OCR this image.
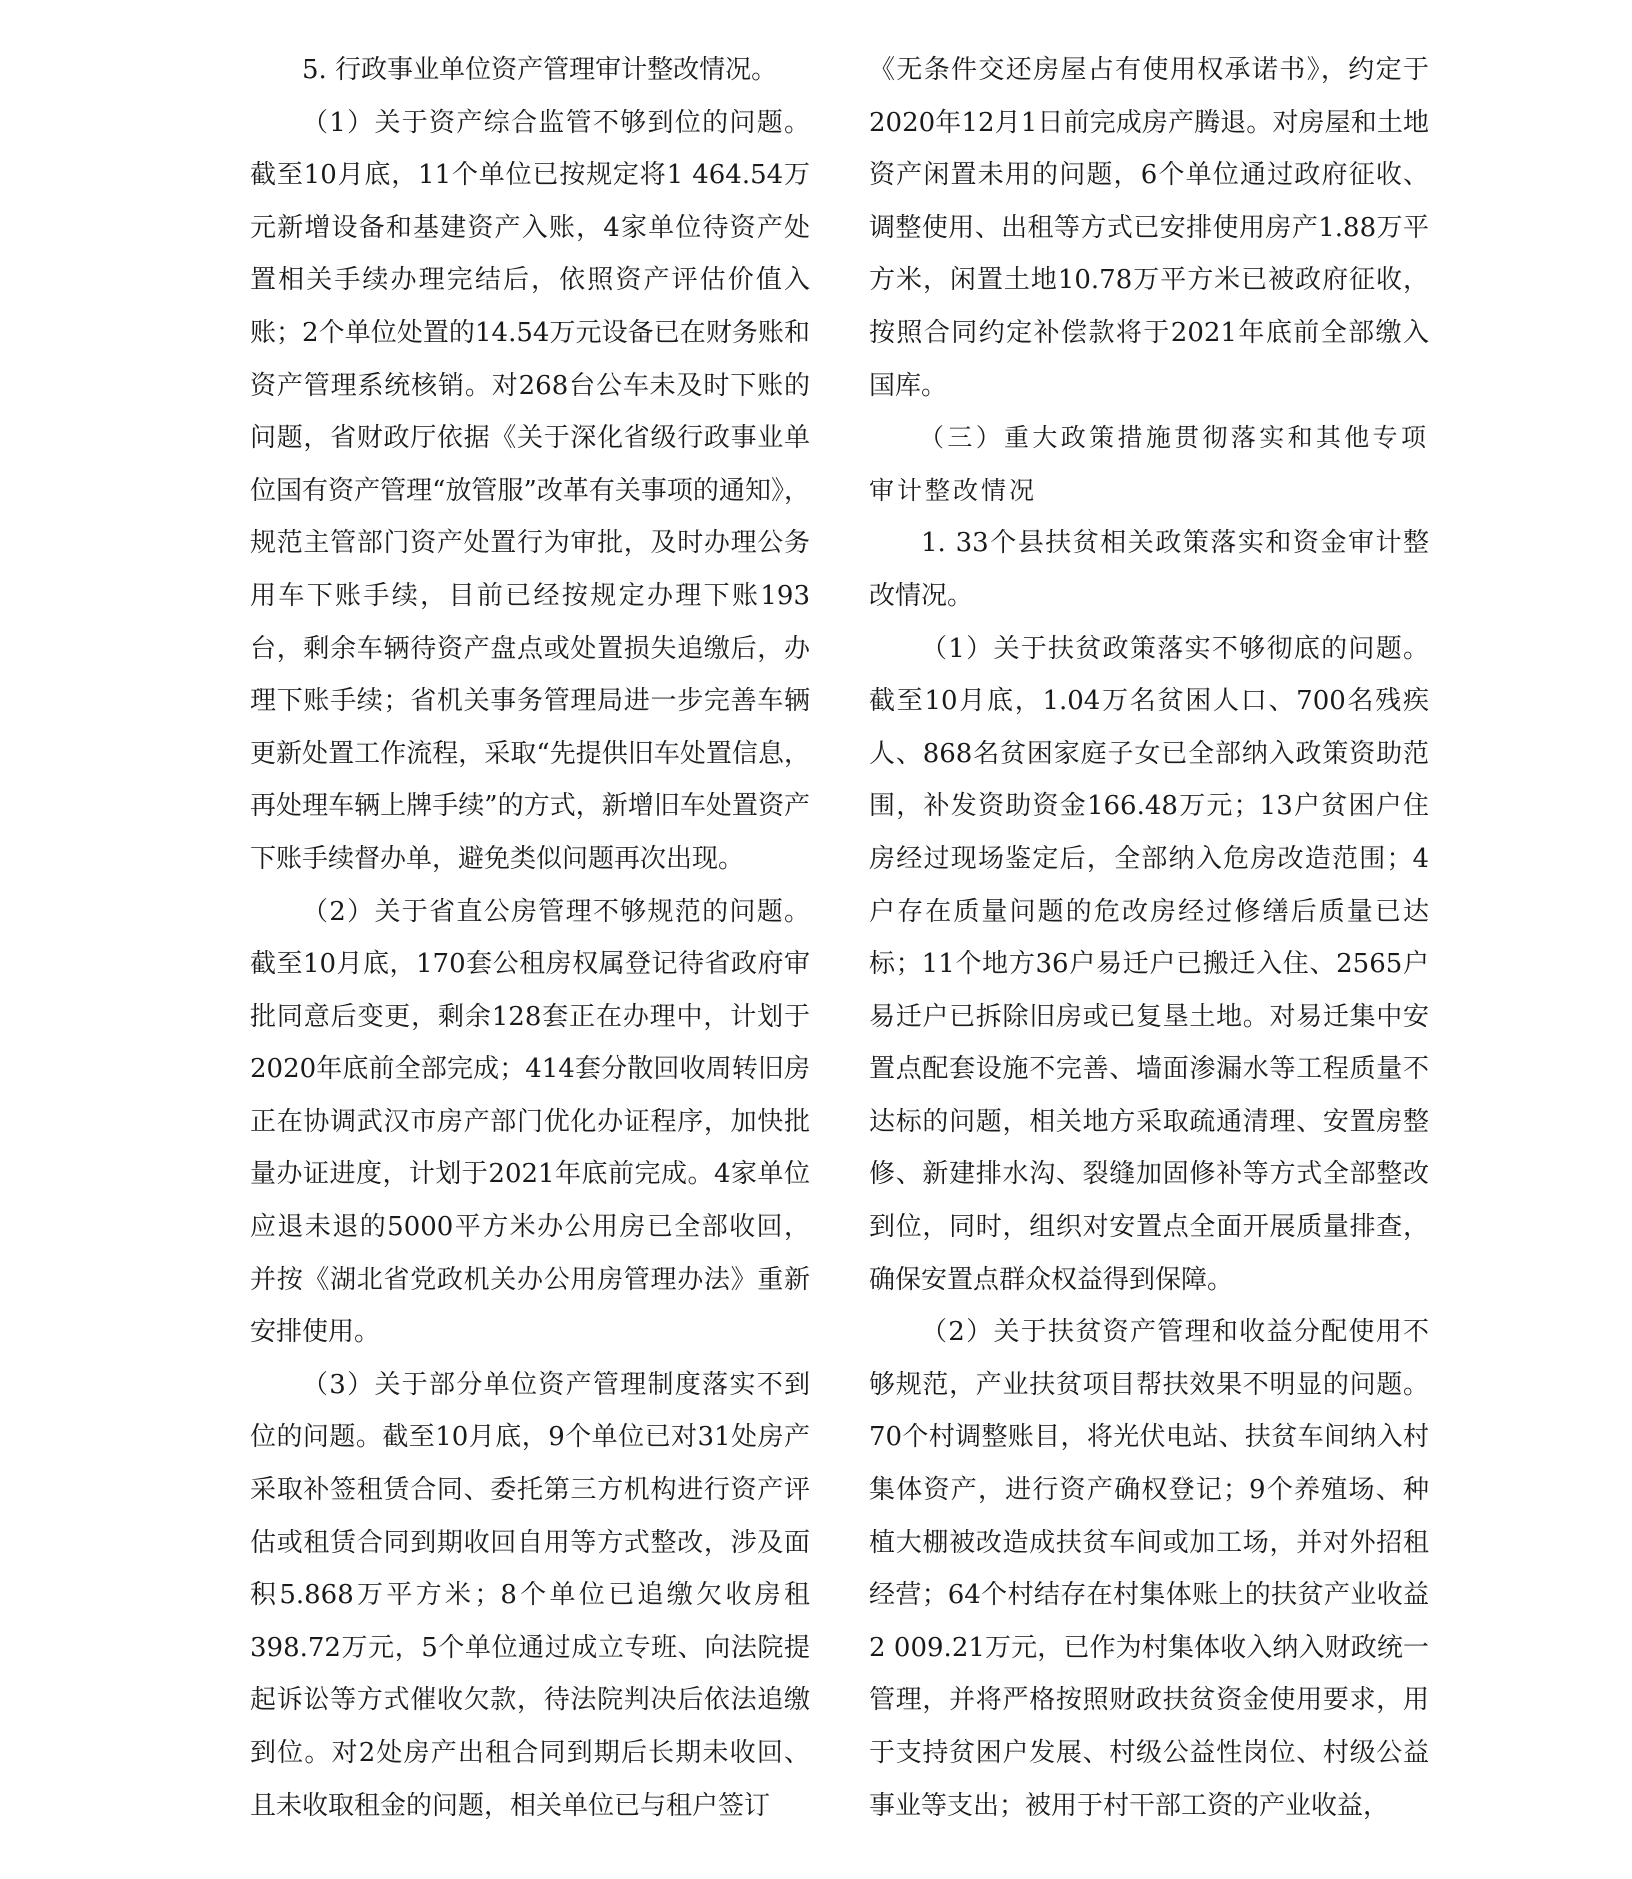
5. 行政事业单位资产管理审计整改情况。

（1）关于资产综合监管不够到位的问题。截至10月底，11个单位已按规定将1 464.54万元新增设备和基建资产入账，4家单位待资产处置相关手续办理完结后，依照资产评估价值入账；2个单位处置的14.54万元设备已在财务账和资产管理系统核销。对268台公车未及时下账的问题，省财政厅依据《关于深化省级行政事业单位国有资产管理“放管服”改革有关事项的通知》，规范主管部门资产处置行为审批，及时办理公务用车下账手续，目前已经按规定办理下账193台，剩余车辆待资产盘点或处置损失追缴后，办理下账手续；省机关事务管理局进一步完善车辆更新处置工作流程，采取“先提供旧车处置信息，再处理车辆上牌手续”的方式，新增旧车处置资产下账手续督办单，避免类似问题再次出现。

（2）关于省直公房管理不够规范的问题。截至10月底，170套公租房权属登记待省政府审批同意后变更，剩余128套正在办理中，计划于2020年底前全部完成；414套分散回收周转旧房正在协调武汉市房产部门优化办证程序，加快批量办证进度，计划于2021年底前完成。4家单位应退未退的5000平方米办公用房已全部收回，并按《湖北省党政机关办公用房管理办法》重新安排使用。

（3）关于部分单位资产管理制度落实不到位的问题。截至10月底，9个单位已对31处房产采取补签租赁合同、委托第三方机构进行资产评估或租赁合同到期收回自用等方式整改，涉及面积5.868万平方米；8个单位已追缴欠收房租398.72万元，5个单位通过成立专班、向法院提起诉讼等方式催收欠款，待法院判决后依法追缴到位。对2处房产出租合同到期后长期未收回、且未收取租金的问题，相关单位已与租户签订

《无条件交还房屋占有使用权承诺书》，约定于2020年12月1日前完成房产腾退。对房屋和土地资产闲置未用的问题，6个单位通过政府征收、调整使用、出租等方式已安排使用房产1.88万平方米，闲置土地10.78万平方米已被政府征收，按照合同约定补偿款将于2021年底前全部缴入国库。

（三）重大政策措施贯彻落实和其他专项审计整改情况

1. 33个县扶贫相关政策落实和资金审计整改情况。

（1）关于扶贫政策落实不够彻底的问题。截至10月底，1.04万名贫困人口、700名残疾人、868名贫困家庭子女已全部纳入政策资助范围，补发资助资金166.48万元；13户贫困户住房经过现场鉴定后，全部纳入危房改造范围；4户存在质量问题的危改房经过修缮后质量已达标；11个地方36户易迁户已搬迁入住、2565户易迁户已拆除旧房或已复垦土地。对易迁集中安置点配套设施不完善、墙面渗漏水等工程质量不达标的问题，相关地方采取疏通清理、安置房整修、新建排水沟、裂缝加固修补等方式全部整改到位，同时，组织对安置点全面开展质量排查，确保安置点群众权益得到保障。

（2）关于扶贫资产管理和收益分配使用不够规范，产业扶贫项目帮扶效果不明显的问题。70个村调整账目，将光伏电站、扶贫车间纳入村集体资产，进行资产确权登记；9个养殖场、种植大棚被改造成扶贫车间或加工场，并对外招租经营；64个村结存在村集体账上的扶贫产业收益2 009.21万元，已作为村集体收入纳入财政统一管理，并将严格按照财政扶贫资金使用要求，用于支持贫困户发展、村级公益性岗位、村级公益事业等支出；被用于村干部工资的产业收益，
